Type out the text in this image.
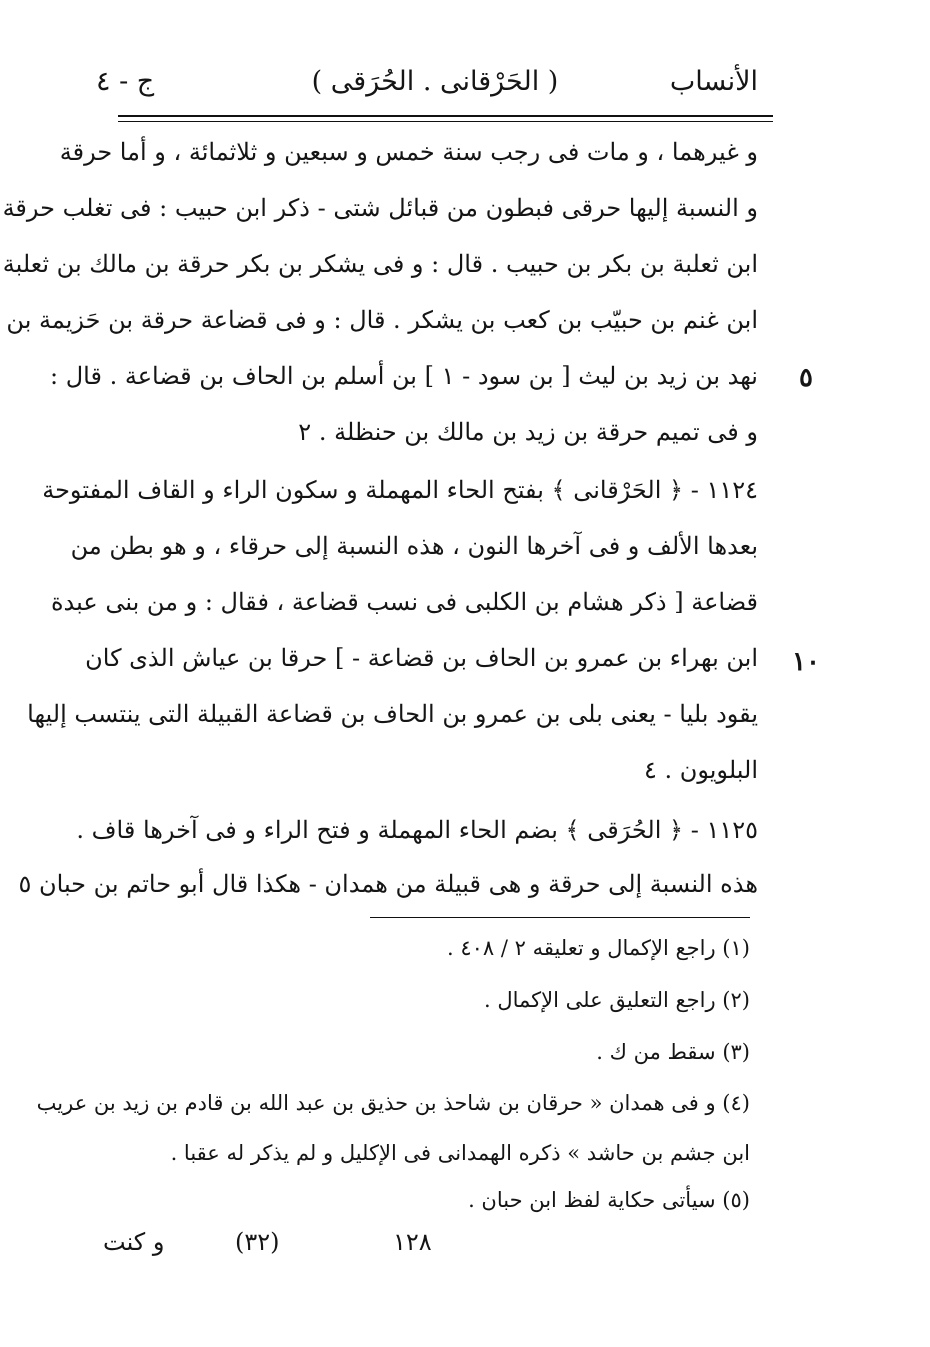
الأنساب
( الحَرْقانى . الحُرَقى )
ج - ٤
و غيرهما ، و مات فى رجب سنة خمس و سبعين و ثلاثمائة ، و أما حرقة
و النسبة إليها حرقى فبطون من قبائل شتى - ذكر ابن حبيب : فى تغلب حرقة
ابن ثعلبة بن بكر بن حبيب . قال : و فى يشكر بن بكر حرقة بن مالك بن ثعلبة
ابن غنم بن حبيّب بن كعب بن يشكر . قال : و فى قضاعة حرقة بن حَزيمة بن
نهد بن زيد بن ليث [ بن سود - ١ ] بن أسلم بن الحاف بن قضاعة . قال :
و فى تميم حرقة بن زيد بن مالك بن حنظلة . ٢
١١٢٤ - ﴿ الحَرْقانى ﴾ بفتح الحاء المهملة و سكون الراء و القاف المفتوحة
بعدها الألف و فى آخرها النون ، هذه النسبة إلى حرقاء ، و هو بطن من
قضاعة [ ذكر هشام بن الكلبى فى نسب قضاعة ، فقال : و من بنى عبدة
ابن بهراء بن عمرو بن الحاف بن قضاعة - ] حرقا بن عياش الذى كان
يقود بليا - يعنى بلى بن عمرو بن الحاف بن قضاعة القبيلة التى ينتسب إليها
البلويون . ٤
١١٢٥ - ﴿ الحُرَقى ﴾ بضم الحاء المهملة و فتح الراء و فى آخرها قاف .
هذه النسبة إلى حرقة و هى قبيلة من همدان - هكذا قال أبو حاتم بن حبان ٥
٥
١٠
(١) راجع الإكمال و تعليقه ٢ / ٤٠٨ .
(٢) راجع التعليق على الإكمال .
(٣) سقط من ك .
(٤) و فى همدان « حرقان بن شاحذ بن حذيق بن عبد الله بن قادم بن زيد بن عريب
ابن جشم بن حاشد » ذكره الهمدانى فى الإكليل و لم يذكر له عقبا .
(٥) سيأتى حكاية لفظ ابن حبان .
١٢٨
(٣٢)
و كنت
